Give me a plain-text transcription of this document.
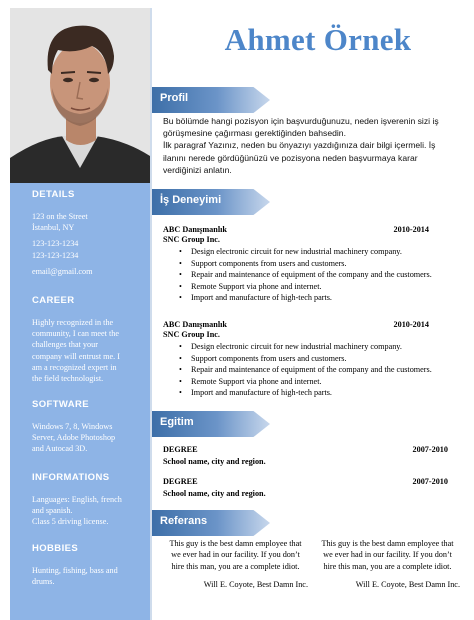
DETAILS
123 on the Street
İstanbul, NY
123-123-1234
123-123-1234
email@gmail.com
CAREER
Highly recognized in the
community, I can meet the
challenges that your
company will entrust me. I
am a recognized expert in
the field technologist.
SOFTWARE
Windows 7, 8, Windows
Server, Adobe Photoshop
and Autocad 3D.
INFORMATIONS
Languages: English, french
and spanish.
Class 5 driving license.
HOBBIES
Hunting, fishing, bass and
drums.
Ahmet Örnek
Profil
Bu bölümde hangi pozisyon için başvurduğunuzu, neden işverenin sizi iş
görüşmesine çağırması gerektiğinden bahsedin.
İlk paragraf Yazınız, neden bu önyazıyı yazdığınıza dair bilgi içermeli. İş
ilanını nerede gördüğünüzü ve pozisyona neden başvurmaya karar
verdiğinizi anlatın.
İş Deneyimi
ABC Danışmanlık	2010-2014
SNC Group Inc.
• Design electronic circuit for new industrial machinery company.
• Support components from users and customers.
• Repair and maintenance of equipment of the company and the customers.
• Remote Support via phone and internet.
• Import and manufacture of high-tech parts.
ABC Danışmanlık	2010-2014
SNC Group Inc.
• Design electronic circuit for new industrial machinery company.
• Support components from users and customers.
• Repair and maintenance of equipment of the company and the customers.
• Remote Support via phone and internet.
• Import and manufacture of high-tech parts.
Egitim
DEGREE	2007-2010
School name, city and region.
DEGREE	2007-2010
School name, city and region.
Referans
This guy is the best damn employee that
we ever had in our facility. If you don’t
hire this man, you are a complete idiot.
Will E. Coyote, Best Damn Inc.
This guy is the best damn employee that
we ever had in our facility. If you don’t
hire this man, you are a complete idiot.
Will E. Coyote, Best Damn Inc.
